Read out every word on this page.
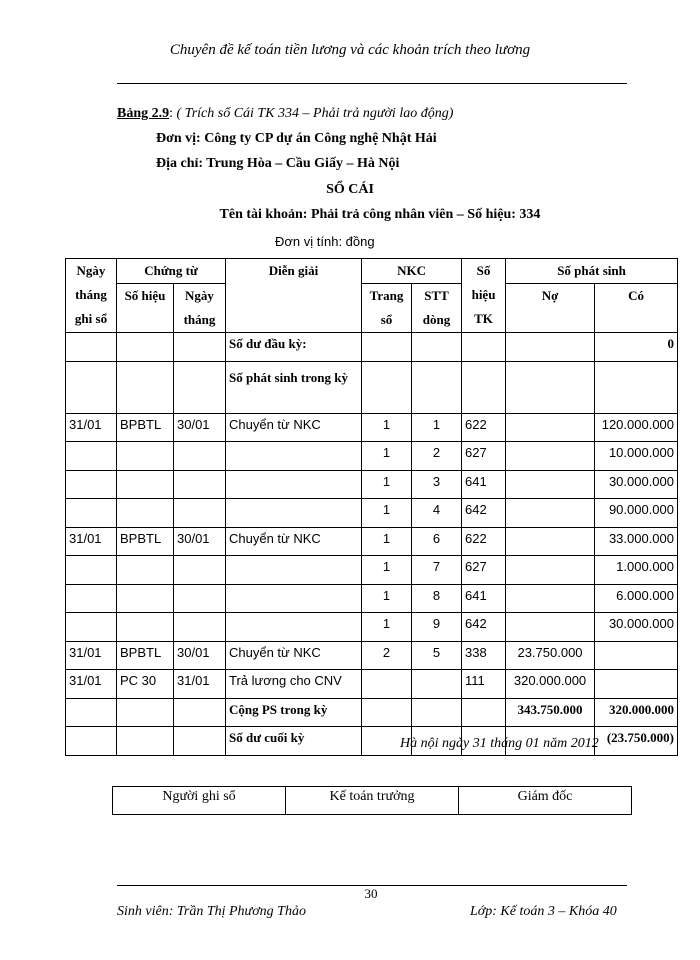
Chuyên đề kế toán tiền lương và các khoản trích theo lương
Bảng 2.9: ( Trích sổ Cái TK 334 – Phải trả người lao động)
Đơn vị: Công ty CP dự án Công nghệ Nhật Hải
Địa chỉ: Trung Hòa – Cầu Giấy – Hà Nội
SỔ CÁI
Tên tài khoản: Phải trả công nhân viên – Số hiệu: 334
Đơn vị tính: đồng
Ngày tháng ghi sổ	Chứng từ		Diễn giải	NKC		Số hiệu TK	Số phát sinh	
	Số hiệu	Ngày tháng		Trang sổ	STT dòng		Nợ	Có

			Số dư đầu kỳ:					0
			Số phát sinh trong kỳ					
31/01	BPBTL	30/01	Chuyển từ NKC	1	1	622		120.000.000
				1	2	627		10.000.000
				1	3	641		30.000.000
				1	4	642		90.000.000
31/01	BPBTL	30/01	Chuyển từ NKC	1	6	622		33.000.000
				1	7	627		1.000.000
				1	8	641		6.000.000
				1	9	642		30.000.000
31/01	BPBTL	30/01	Chuyển từ NKC	2	5	338	23.750.000	
31/01	PC 30	31/01	Trả lương cho CNV			111	320.000.000	
			Cộng PS trong kỳ				343.750.000	320.000.000
			Số dư cuối kỳ					(23.750.000)
Hà nội ngày 31 tháng 01 năm 2012
Người ghi sổ	Kế toán trưởng	Giám đốc
30
Sinh viên: Trần Thị Phương Thảo	Lớp: Kế toán 3 – Khóa 40
